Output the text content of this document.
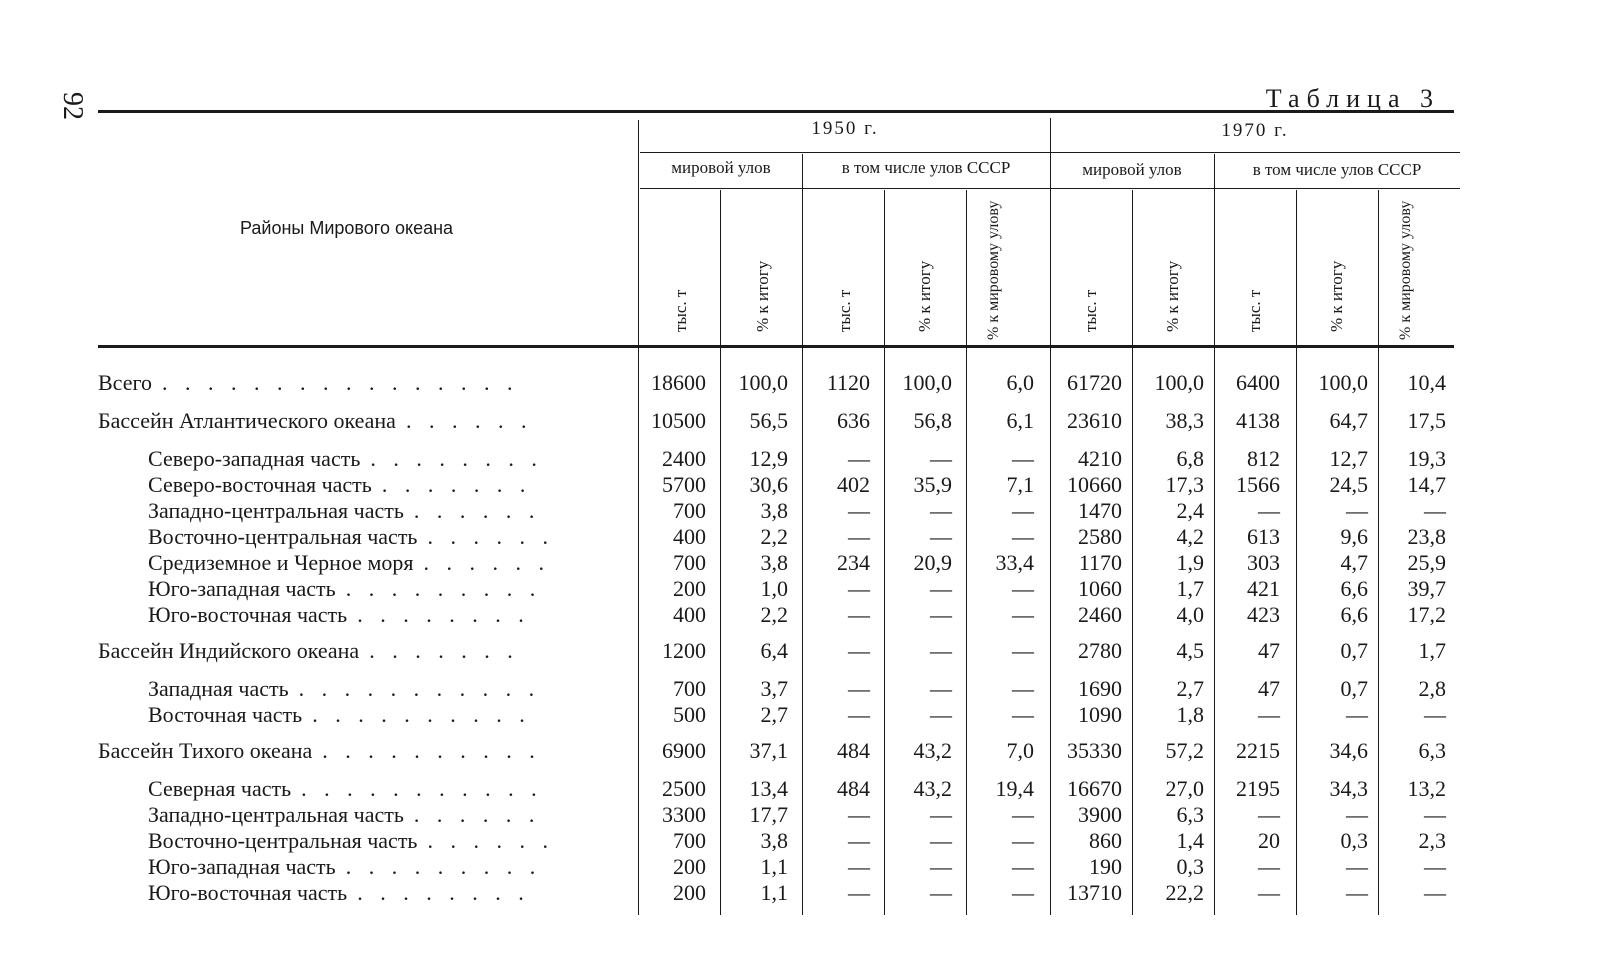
92	Таблица 3
Районы Мирового океана
1950 г.	1970 г.
мировой улов	в том числе улов СССР	мировой улов	в том числе улов СССР
тыс. т	% к итогу	тыс. т	% к итогу	% к мировому улову	тыс. т	% к итогу	тыс. т	% к итогу	% к мировому улову
Всего . . . . . . . . . . . . . . . .	18600 100,0 1120 100,0 6,0 61720 100,0 6400 100,0 10,4
Бассейн Атлантического океана . . . . . .	10500 56,5 636 56,8 6,1 23610 38,3 4138 64,7 17,5
Северо-западная часть . . . . . . . .	2400 12,9	—	—	— 4210 6,8 812 12,7 19,3
Северо-восточная часть . . . . . . .	5700 30,6 402 35,9 7,1 10660 17,3 1566 24,5 14,7
Западно-центральная часть . . . . . .	700 3,8	—	—	— 1470 2,4 —	—	—
Восточно-центральная часть . . . . . .	400 2,2	—	—	— 2580 4,2 613	9,6 23,8
Средиземное и Черное моря . . . . . .	700 3,8 234 20,9 33,4 1170 1,9 303	4,7 25,9
Юго-западная часть . . . . . . . . .	200 1,0	—	—	— 1060 1,7 421	6,6 39,7
Юго-восточная часть . . . . . . . .	400 2,2	—	—	— 2460 4,0 423	6,6 17,2
Бассейн Индийского океана . . . . . . .	1200 6,4	—	—	— 2780 4,5 47	0,7 1,7
Западная часть . . . . . . . . . . .	700 3,7	—	—	— 1690 2,7 47	0,7 2,8
Восточная часть . . . . . . . . . .	500 2,7	—	—	— 1090 1,8 —	—	—
Бассейн Тихого океана . . . . . . . . . .	6900 37,1 484 43,2 7,0 35330 57,2 2215 34,6 6,3
Северная часть . . . . . . . . . . .	2500 13,4 484 43,2 19,4 16670 27,0 2195 34,3 13,2
Западно-центральная часть . . . . . .	3300 17,7	—	—	— 3900 6,3 —	—	—
Восточно-центральная часть . . . . . .	700 3,8	—	—	—	860 1,4 20	0,3 2,3
Юго-западная часть . . . . . . . . .	200 1,1	—	—	—	190 0,3 —	—	—
Юго-восточная часть . . . . . . . .	200 1,1	—	—	— 13710 22,2 —	—	—
